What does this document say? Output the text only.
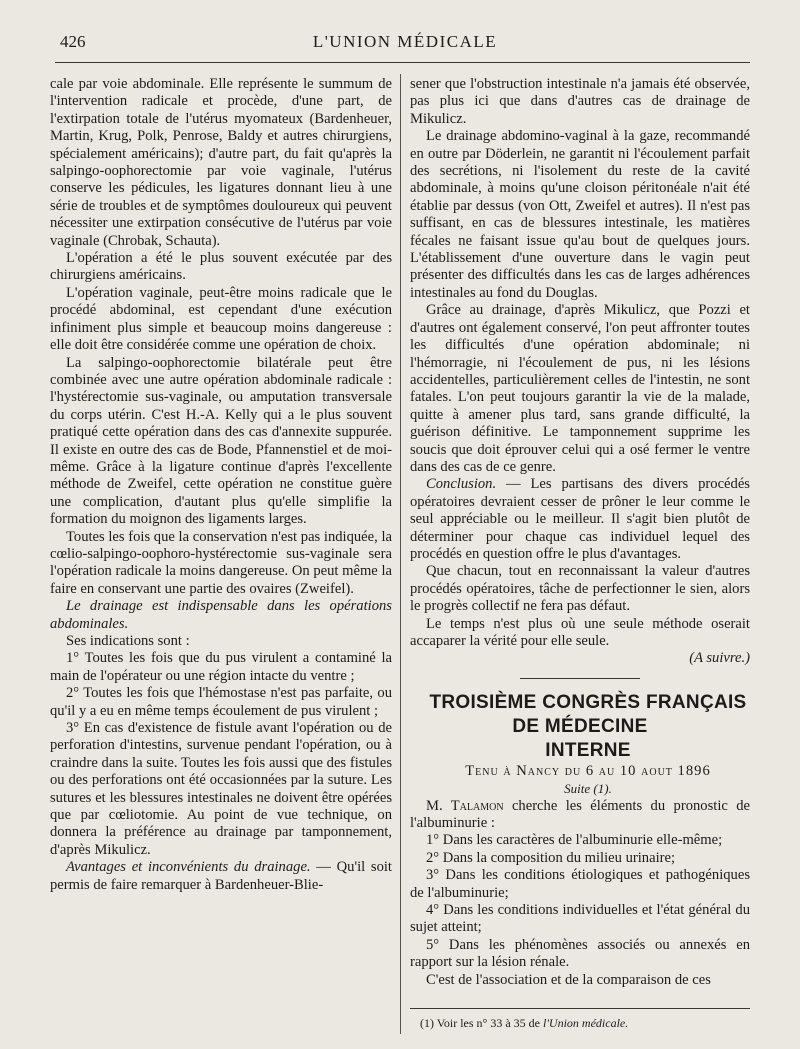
426	L'UNION MÉDICALE

cale par voie abdominale. Elle représente le summum de l'intervention radicale et procède, d'une part, de l'extirpation totale de l'utérus myomateux (Bardenheuer, Martin, Krug, Polk, Penrose, Baldy et autres chirurgiens, spécialement américains); d'autre part, du fait qu'après la salpingo-oophorectomie par voie vaginale, l'utérus conserve les pédicules, les ligatures donnant lieu à une série de troubles et de symptômes douloureux qui peuvent nécessiter une extirpation consécutive de l'utérus par voie vaginale (Chrobak, Schauta).

L'opération a été le plus souvent exécutée par des chirurgiens américains.

L'opération vaginale, peut-être moins radicale que le procédé abdominal, est cependant d'une exécution infiniment plus simple et beaucoup moins dangereuse : elle doit être considérée comme une opération de choix.

La salpingo-oophorectomie bilatérale peut être combinée avec une autre opération abdominale radicale : l'hystérectomie sus-vaginale, ou amputation transversale du corps utérin. C'est H.-A. Kelly qui a le plus souvent pratiqué cette opération dans des cas d'annexite suppurée. Il existe en outre des cas de Bode, Pfannenstiel et de moi-même. Grâce à la ligature continue d'après l'excellente méthode de Zweifel, cette opération ne constitue guère une complication, d'autant plus qu'elle simplifie la formation du moignon des ligaments larges.

Toutes les fois que la conservation n'est pas indiquée, la cœlio-salpingo-oophoro-hystérectomie sus-vaginale sera l'opération radicale la moins dangereuse. On peut même la faire en conservant une partie des ovaires (Zweifel).

Le drainage est indispensable dans les opérations abdominales.

Ses indications sont :

1° Toutes les fois que du pus virulent a contaminé la main de l'opérateur ou une région intacte du ventre ;

2° Toutes les fois que l'hémostase n'est pas parfaite, ou qu'il y a eu en même temps écoulement de pus virulent ;

3° En cas d'existence de fistule avant l'opération ou de perforation d'intestins, survenue pendant l'opération, ou à craindre dans la suite. Toutes les fois aussi que des fistules ou des perforations ont été occasionnées par la suture. Les sutures et les blessures intestinales ne doivent être opérées que par cœliotomie. Au point de vue technique, on donnera la préférence au drainage par tamponnement, d'après Mikulicz.

Avantages et inconvénients du drainage. — Qu'il soit permis de faire remarquer à Bardenheuer-Blie-

sener que l'obstruction intestinale n'a jamais été observée, pas plus ici que dans d'autres cas de drainage de Mikulicz.

Le drainage abdomino-vaginal à la gaze, recommandé en outre par Döderlein, ne garantit ni l'écoulement parfait des secrétions, ni l'isolement du reste de la cavité abdominale, à moins qu'une cloison péritonéale n'ait été établie par dessus (von Ott, Zweifel et autres). Il n'est pas suffisant, en cas de blessures intestinale, les matières fécales ne faisant issue qu'au bout de quelques jours. L'établissement d'une ouverture dans le vagin peut présenter des difficultés dans les cas de larges adhérences intestinales au fond du Douglas.

Grâce au drainage, d'après Mikulicz, que Pozzi et d'autres ont également conservé, l'on peut affronter toutes les difficultés d'une opération abdominale; ni l'hémorragie, ni l'écoulement de pus, ni les lésions accidentelles, particulièrement celles de l'intestin, ne sont fatales. L'on peut toujours garantir la vie de la malade, quitte à amener plus tard, sans grande difficulté, la guérison définitive. Le tamponnement supprime les soucis que doit éprouver celui qui a osé fermer le ventre dans des cas de ce genre.

Conclusion. — Les partisans des divers procédés opératoires devraient cesser de prôner le leur comme le seul appréciable ou le meilleur. Il s'agit bien plutôt de déterminer pour chaque cas individuel lequel des procédés en question offre le plus d'avantages.

Que chacun, tout en reconnaissant la valeur d'autres procédés opératoires, tâche de perfectionner le sien, alors le progrès collectif ne fera pas défaut.

Le temps n'est plus où une seule méthode oserait accaparer la vérité pour elle seule.

(A suivre.)

TROISIÈME CONGRÈS FRANÇAIS DE MÉDECINE

INTERNE

Tenu à Nancy du 6 au 10 aout 1896

Suite (1).

M. Talamon cherche les éléments du pronostic de l'albuminurie :

1° Dans les caractères de l'albuminurie elle-même;

2° Dans la composition du milieu urinaire;

3° Dans les conditions étiologiques et pathogéniques de l'albuminurie;

4° Dans les conditions individuelles et l'état général du sujet atteint;

5° Dans les phénomènes associés ou annexés en rapport sur la lésion rénale.

C'est de l'association et de la comparaison de ces

(1) Voir les n° 33 à 35 de l'Union médicale.
